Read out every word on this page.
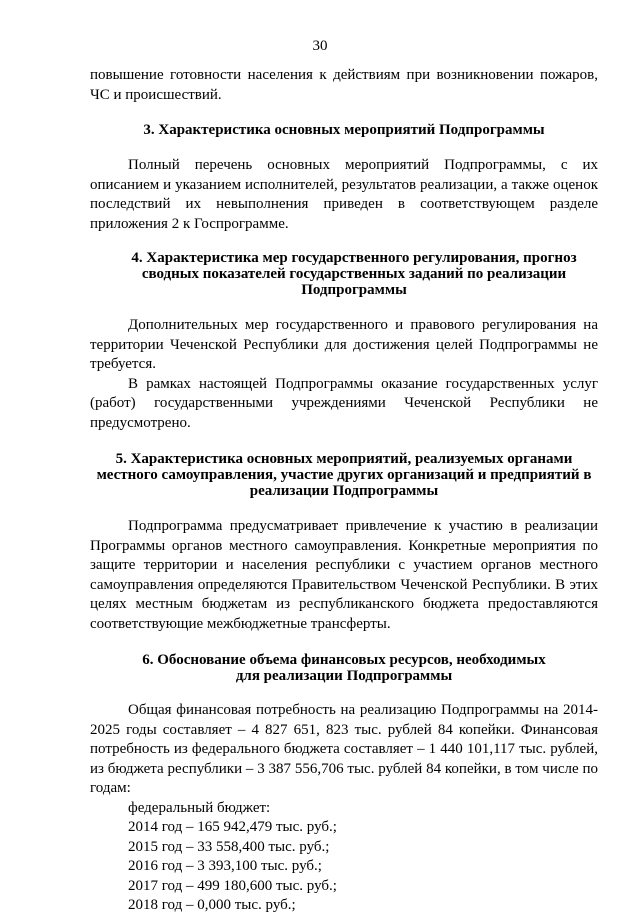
30

повышение готовности населения к действиям при возникновении пожаров, ЧС и происшествий.

3. Характеристика основных мероприятий Подпрограммы

Полный перечень основных мероприятий Подпрограммы, с их описанием и указанием исполнителей, результатов реализации, а также оценок последствий их невыполнения приведен в соответствующем разделе приложения 2 к Госпрограмме.

4. Характеристика мер государственного регулирования, прогноз сводных показателей государственных заданий по реализации Подпрограммы

Дополнительных мер государственного и правового регулирования на территории Чеченской Республики для достижения целей Подпрограммы не требуется.

В рамках настоящей Подпрограммы оказание государственных услуг (работ) государственными учреждениями Чеченской Республики не предусмотрено.

5. Характеристика основных мероприятий, реализуемых органами местного самоуправления, участие других организаций и предприятий в реализации Подпрограммы

Подпрограмма предусматривает привлечение к участию в реализации Программы органов местного самоуправления. Конкретные мероприятия по защите территории и населения республики с участием органов местного самоуправления определяются Правительством Чеченской Республики. В этих целях местным бюджетам из республиканского бюджета предоставляются соответствующие межбюджетные трансферты.

6. Обоснование объема финансовых ресурсов, необходимых для реализации Подпрограммы

Общая финансовая потребность на реализацию Подпрограммы на 2014-2025 годы составляет – 4 827 651, 823 тыс. рублей 84 копейки. Финансовая потребность из федерального бюджета составляет – 1 440 101,117 тыс. рублей, из бюджета республики – 3 387 556,706 тыс. рублей 84 копейки, в том числе по годам:

федеральный бюджет:
2014 год – 165 942,479 тыс. руб.;
2015 год – 33 558,400 тыс. руб.;
2016 год – 3 393,100 тыс. руб.;
2017 год – 499 180,600 тыс. руб.;
2018 год – 0,000 тыс. руб.;
